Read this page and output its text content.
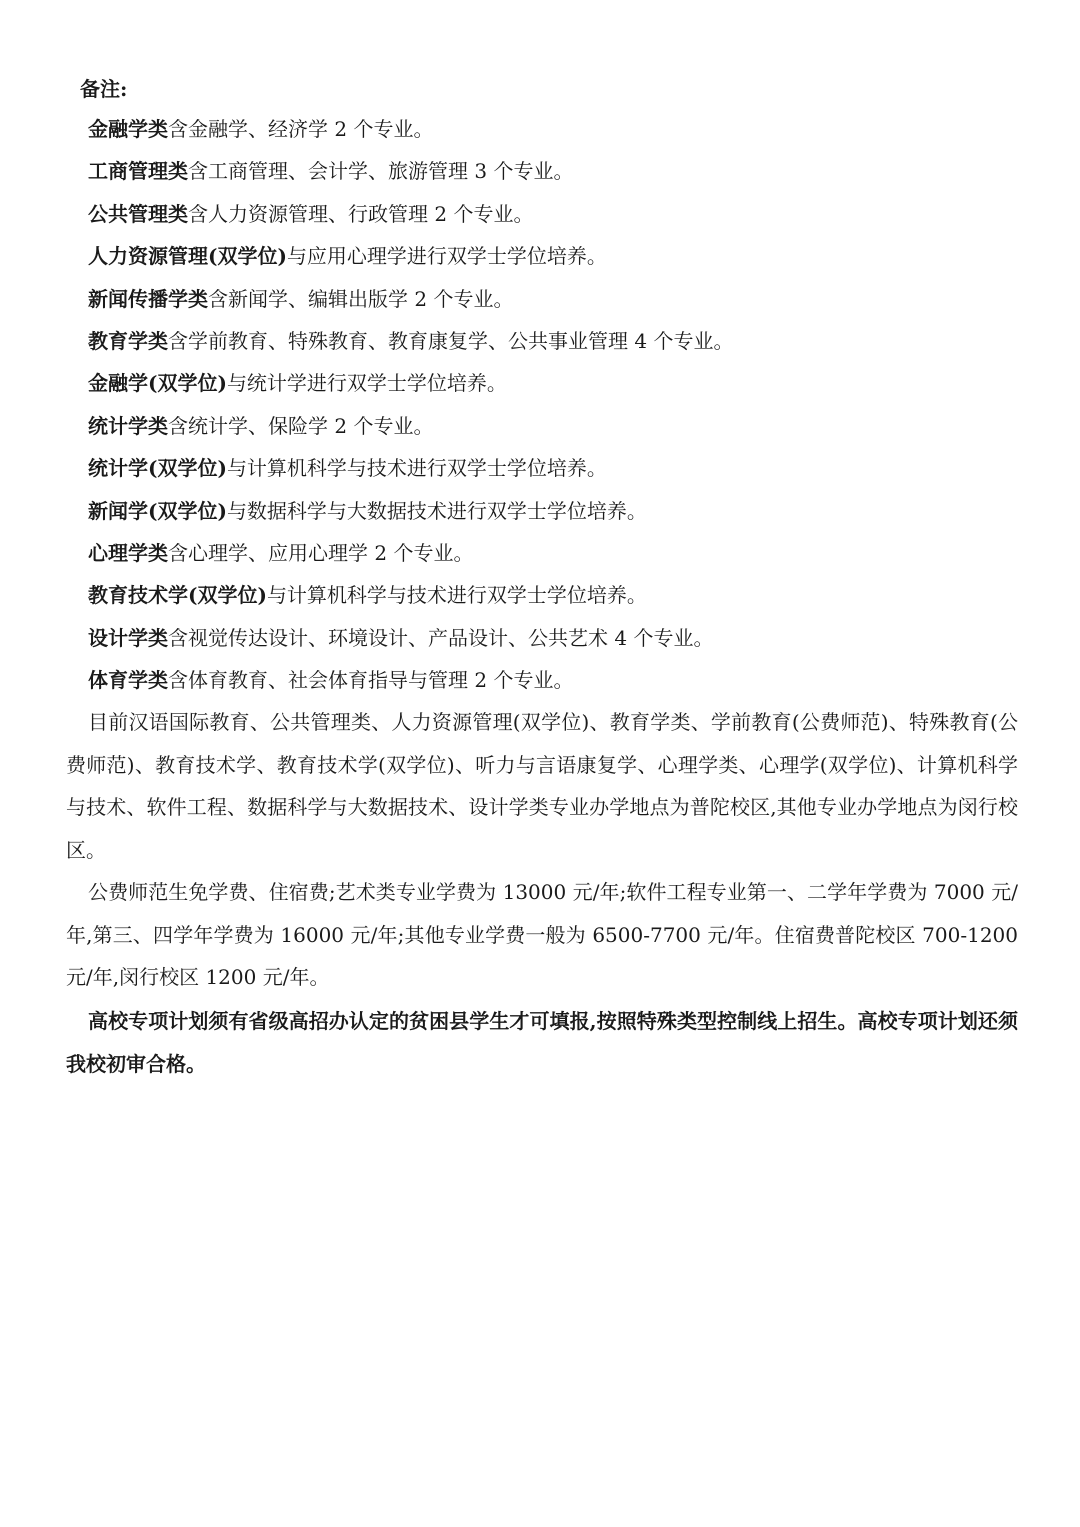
备注:
金融学类含金融学、经济学 2 个专业。
工商管理类含工商管理、会计学、旅游管理 3 个专业。
公共管理类含人力资源管理、行政管理 2 个专业。
人力资源管理(双学位)与应用心理学进行双学士学位培养。
新闻传播学类含新闻学、编辑出版学 2 个专业。
教育学类含学前教育、特殊教育、教育康复学、公共事业管理 4 个专业。
金融学(双学位)与统计学进行双学士学位培养。
统计学类含统计学、保险学 2 个专业。
统计学(双学位)与计算机科学与技术进行双学士学位培养。
新闻学(双学位)与数据科学与大数据技术进行双学士学位培养。
心理学类含心理学、应用心理学 2 个专业。
教育技术学(双学位)与计算机科学与技术进行双学士学位培养。
设计学类含视觉传达设计、环境设计、产品设计、公共艺术 4 个专业。
体育学类含体育教育、社会体育指导与管理 2 个专业。

目前汉语国际教育、公共管理类、人力资源管理(双学位)、教育学类、学前教育(公费师范)、特殊教育(公费师范)、教育技术学、教育技术学(双学位)、听力与言语康复学、心理学类、心理学(双学位)、计算机科学与技术、软件工程、数据科学与大数据技术、设计学类专业办学地点为普陀校区,其他专业办学地点为闵行校区。

公费师范生免学费、住宿费;艺术类专业学费为 13000 元/年;软件工程专业第一、二学年学费为 7000 元/年,第三、四学年学费为 16000 元/年;其他专业学费一般为 6500-7700 元/年。住宿费普陀校区 700-1200 元/年,闵行校区 1200 元/年。

高校专项计划须有省级高招办认定的贫困县学生才可填报,按照特殊类型控制线上招生。高校专项计划还须我校初审合格。
